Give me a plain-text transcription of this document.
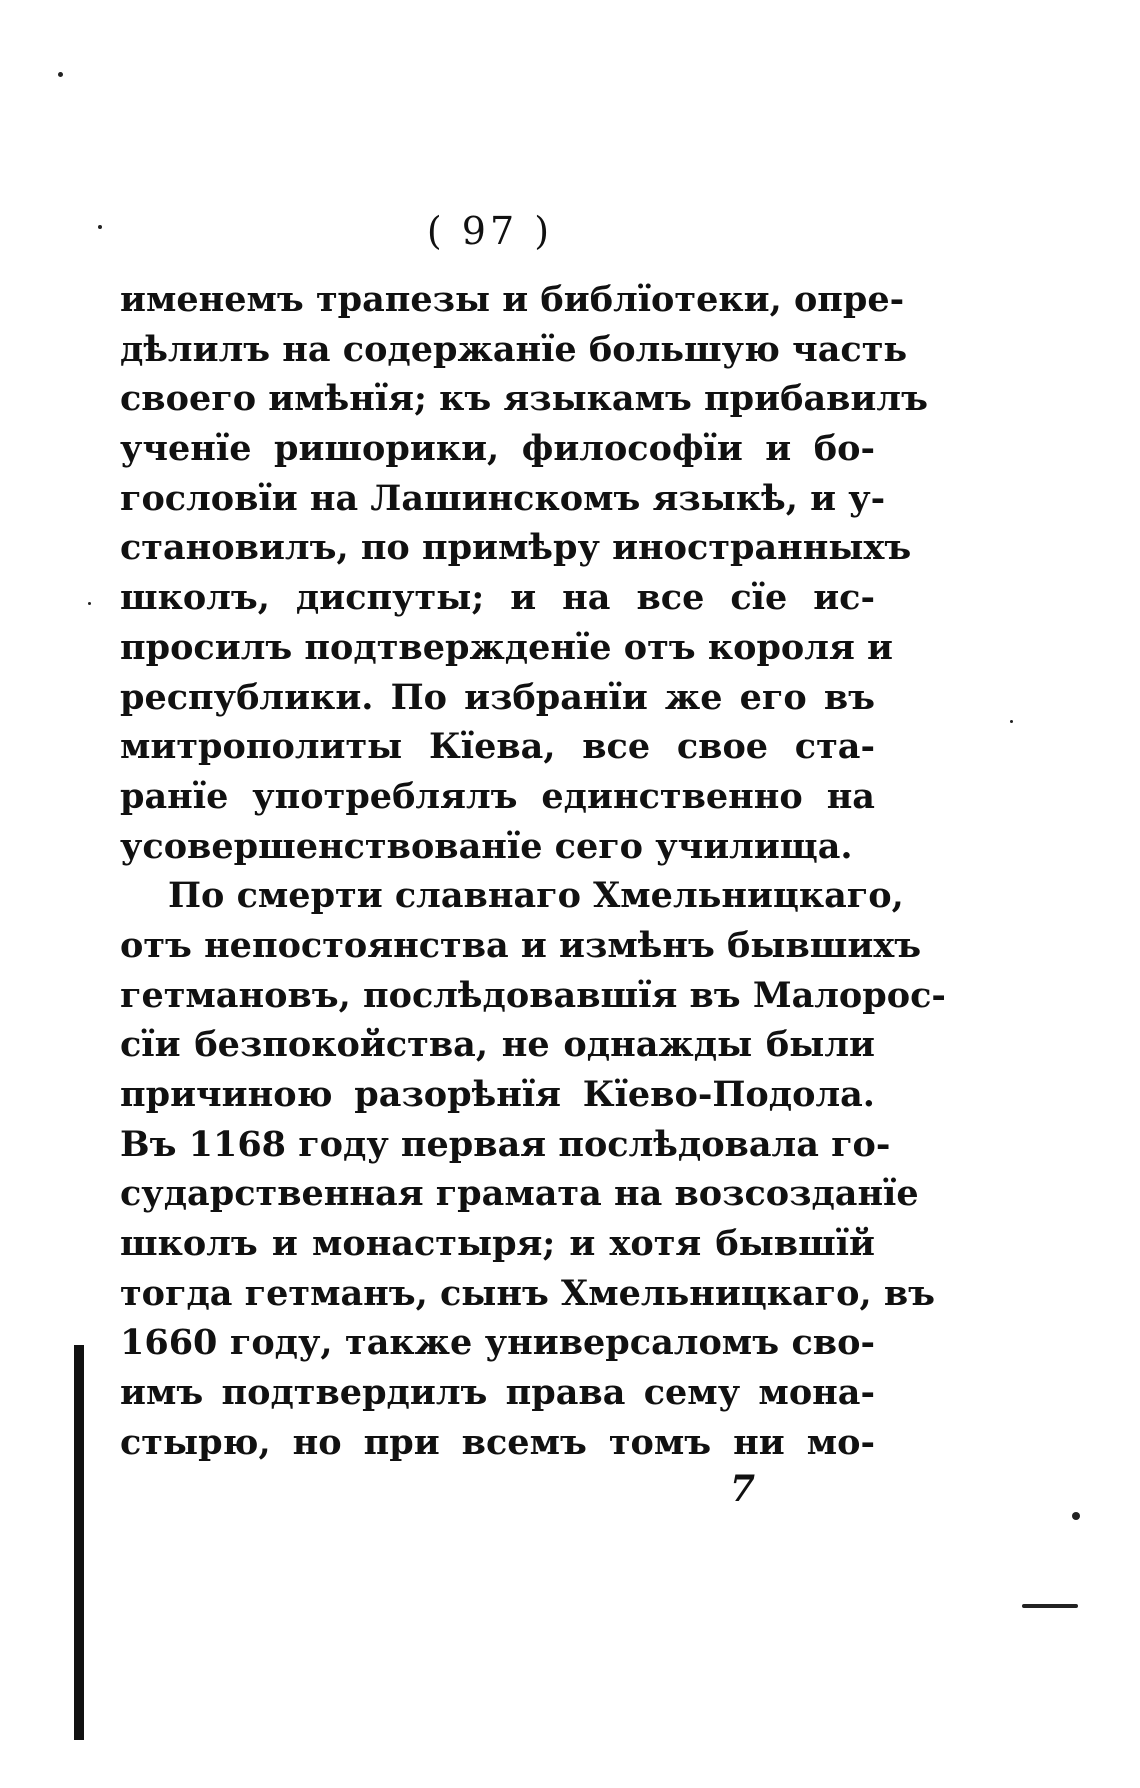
( 97 )
именемъ трапезы и библїотеки, опре-
дѣлилъ на содержанїе большую часть
своего имѣнїя; къ языкамъ прибавилъ
ученїе ришорики, философїи и бо-
гословїи на Лашинскомъ языкѣ, и у-
становилъ, по примѣру иностранныхъ
школъ, диспуты; и на все сїе ис-
просилъ подтвержденїе отъ короля и
республики. По избранїи же его въ
митрополиты Кїева, все свое ста-
ранїе употреблялъ единственно на
усовершенствованїе сего училища.
По смерти славнаго Хмельницкаго,
отъ непостоянства и измѣнъ бывшихъ
гетмановъ, послѣдовавшїя въ Малорос-
сїи безпокойства, не однажды были
причиною разорѣнїя Кїево-Подола.
Въ 1168 году первая послѣдовала го-
сударственная грамата на возсозданїе
школъ и монастыря; и хотя бывшїй
тогда гетманъ, сынъ Хмельницкаго, въ
1660 году, также универсаломъ сво-
имъ подтвердилъ права сему мона-
стырю, но при всемъ томъ ни мо-
7
